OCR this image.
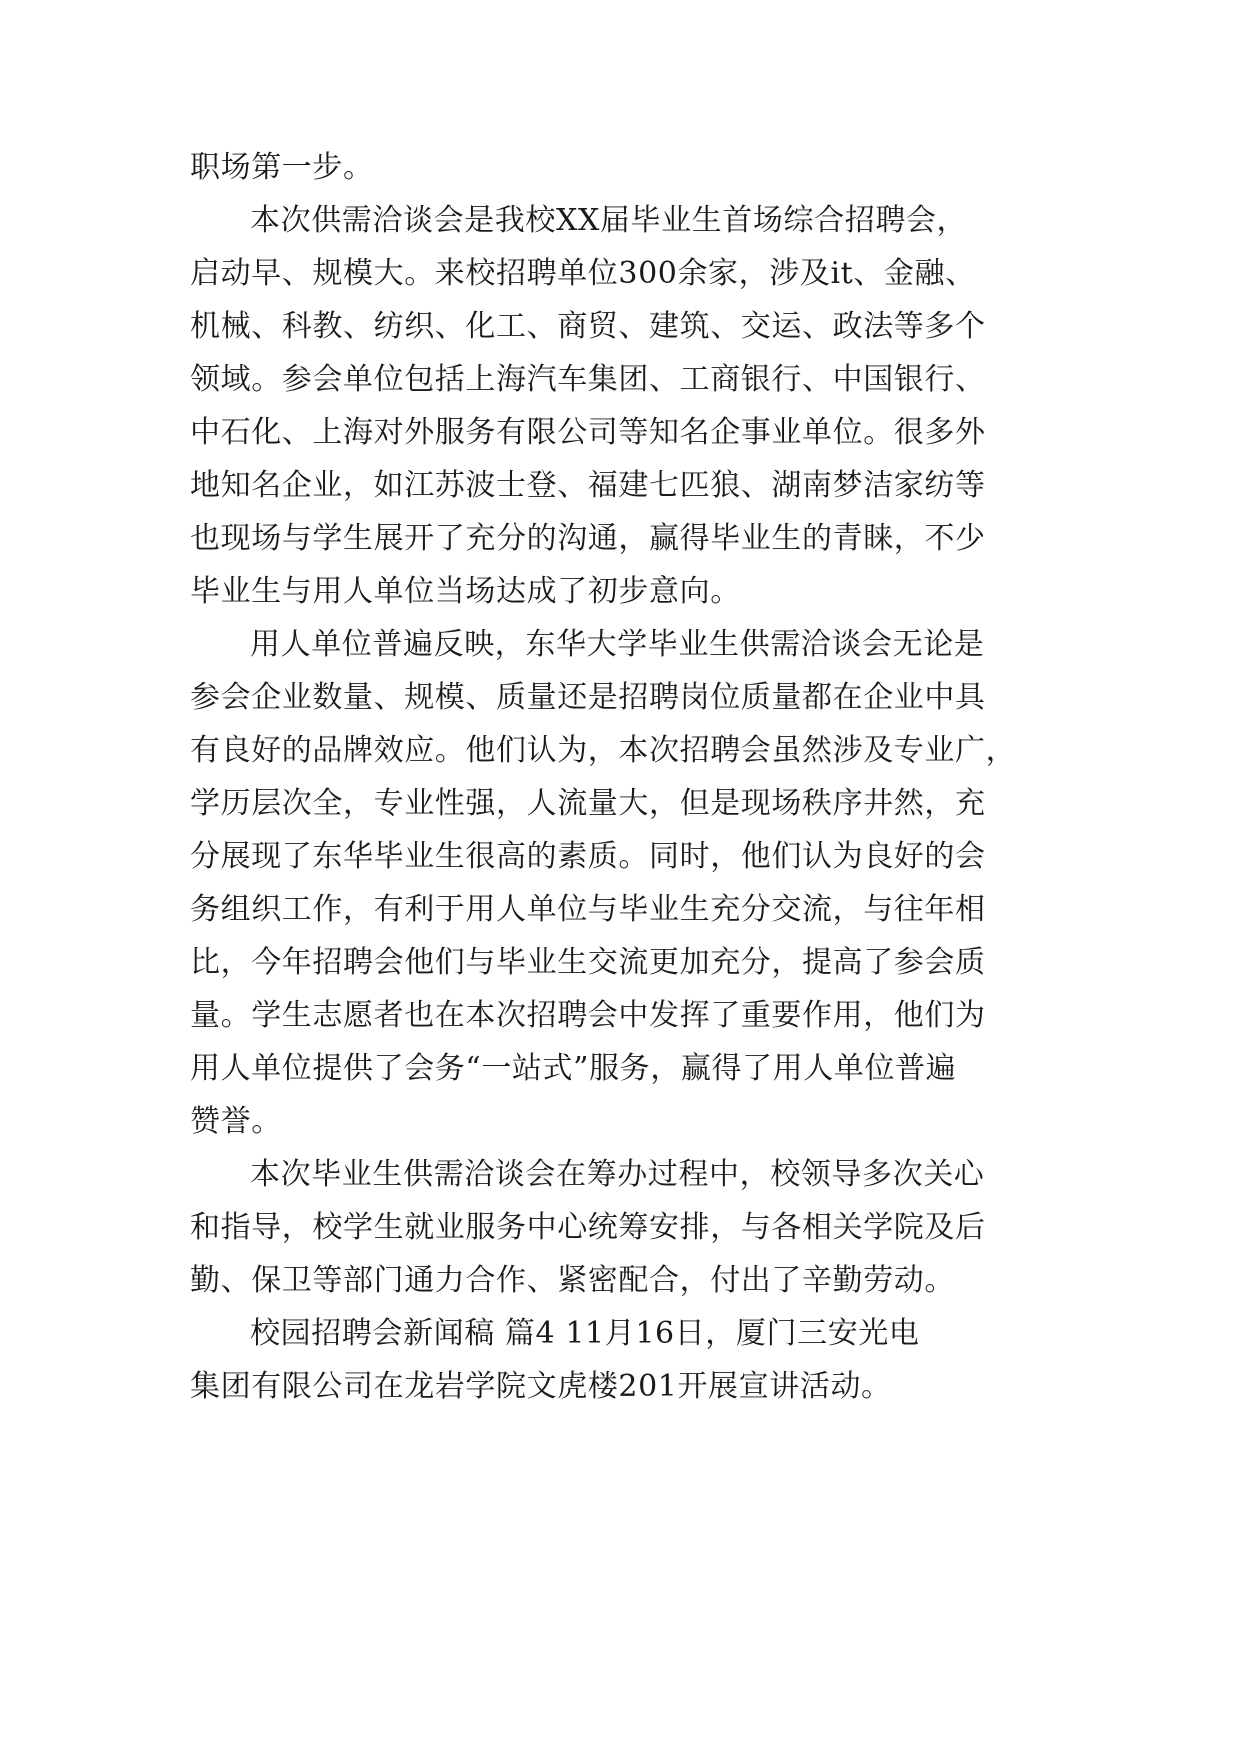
职场第一步。
本次供需洽谈会是我校XX届毕业生首场综合招聘会，
启动早、规模大。来校招聘单位300余家，涉及it、金融、
机械、科教、纺织、化工、商贸、建筑、交运、政法等多个
领域。参会单位包括上海汽车集团、工商银行、中国银行、
中石化、上海对外服务有限公司等知名企事业单位。很多外
地知名企业，如江苏波士登、福建七匹狼、湖南梦洁家纺等
也现场与学生展开了充分的沟通，赢得毕业生的青睐，不少
毕业生与用人单位当场达成了初步意向。
用人单位普遍反映，东华大学毕业生供需洽谈会无论是
参会企业数量、规模、质量还是招聘岗位质量都在企业中具
有良好的品牌效应。他们认为，本次招聘会虽然涉及专业广，
学历层次全，专业性强，人流量大，但是现场秩序井然，充
分展现了东华毕业生很高的素质。同时，他们认为良好的会
务组织工作，有利于用人单位与毕业生充分交流，与往年相
比，今年招聘会他们与毕业生交流更加充分，提高了参会质
量。学生志愿者也在本次招聘会中发挥了重要作用，他们为
用人单位提供了会务“一站式”服务，赢得了用人单位普遍
赞誉。
本次毕业生供需洽谈会在筹办过程中，校领导多次关心
和指导，校学生就业服务中心统筹安排，与各相关学院及后
勤、保卫等部门通力合作、紧密配合，付出了辛勤劳动。
校园招聘会新闻稿 篇4 11月16日，厦门三安光电
集团有限公司在龙岩学院文虎楼201开展宣讲活动。
